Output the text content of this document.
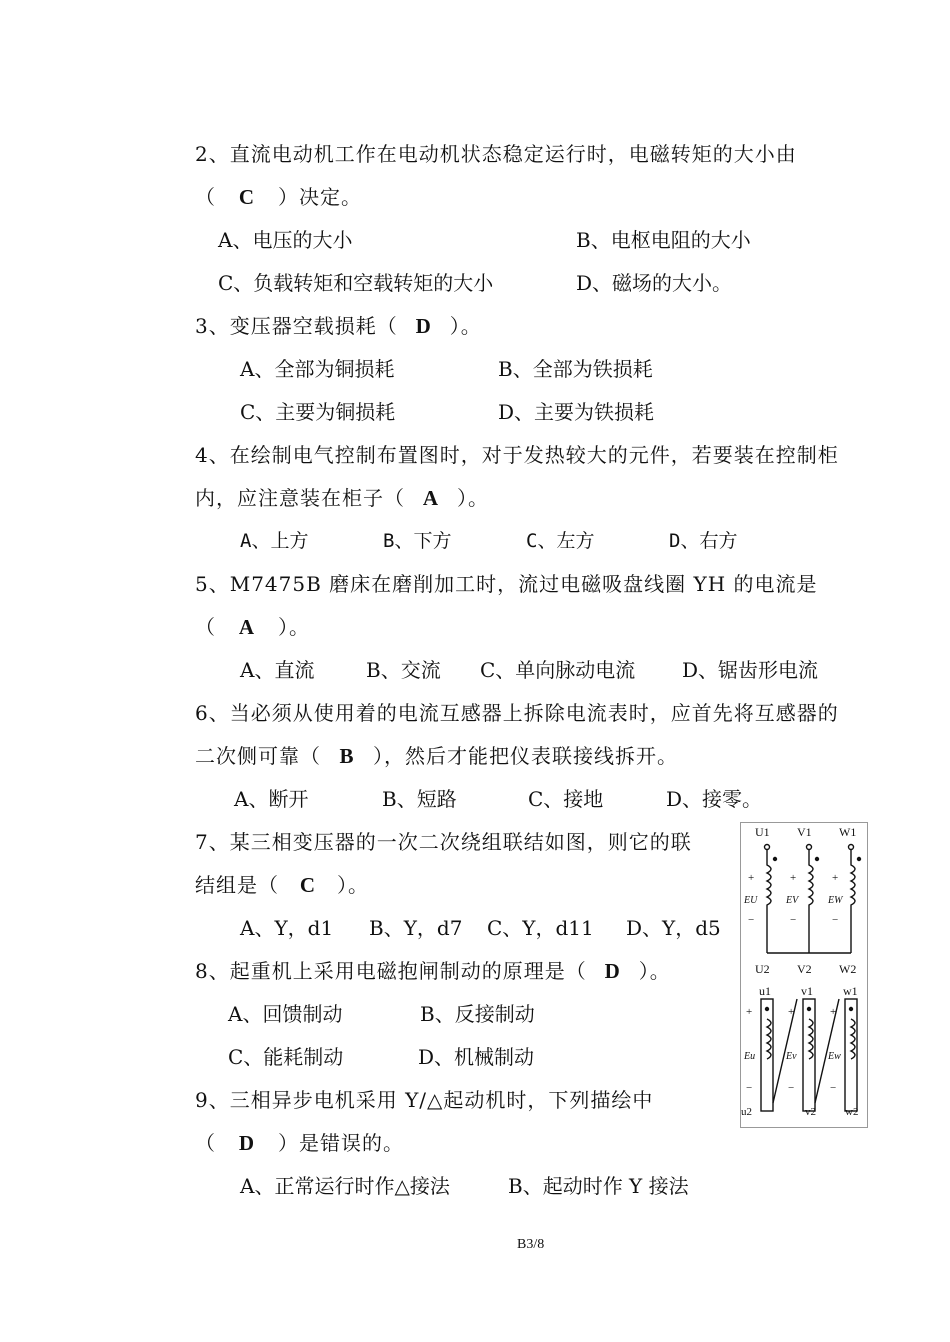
2、直流电动机工作在电动机状态稳定运行时，电磁转矩的大小由
（ C ）决定。
A、电压的大小	B、电枢电阻的大小
C、负载转矩和空载转矩的大小	D、磁场的大小。
3、变压器空载损耗（ D ）。
A、全部为铜损耗	B、全部为铁损耗
C、主要为铜损耗	D、主要为铁损耗
4、在绘制电气控制布置图时，对于发热较大的元件，若要装在控制柜
内，应注意装在柜子（ A ）。
A、上方	B、下方	C、左方	D、右方
5、M7475B 磨床在磨削加工时，流过电磁吸盘线圈 YH 的电流是
（ A ）。
A、直流	B、交流 C、单向脉动电流 D、锯齿形电流
6、当必须从使用着的电流互感器上拆除电流表时，应首先将互感器的
二次侧可靠（ B ），然后才能把仪表联接线拆开。
A、断开	B、短路	C、接地	D、接零。
7、某三相变压器的一次二次绕组联结如图，则它的联
结组是（ C ）。
A、Y，d1 B、Y，d7 C、Y，d11 D、Y，d5
8、起重机上采用电磁抱闸制动的原理是（ D ）。
A、回馈制动	B、反接制动
C、能耗制动	D、机械制动
9、三相异步电机采用 Y/△起动机时，下列描绘中
（ D ）是错误的。
A、正常运行时作△接法	B、起动时作 Y 接法
U1 V1 W1
U2 V2 W2
u1	v1	w1
u2	v2	w2
EU	EV	EW
Eu	Ev	Ew
+	+	+
−	−	−
+	+	+
−	−	−
B3/8
